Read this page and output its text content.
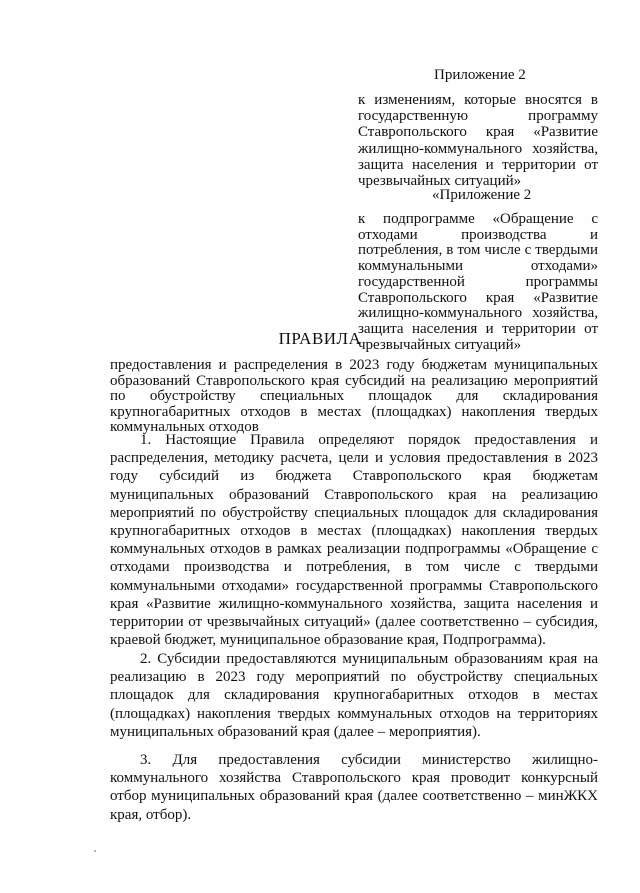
Приложение 2

к изменениям, которые вносятся в государственную программу Ставропольского края «Развитие жилищно-коммунального хозяйства, защита населения и территории от чрезвычайных ситуаций»

«Приложение 2

к подпрограмме «Обращение с отходами производства и потребления, в том числе с твердыми коммунальными отходами» государственной программы Ставропольского края «Развитие жилищно-коммунального хозяйства, защита населения и территории от чрезвычайных ситуаций»

ПРАВИЛА

предоставления и распределения в 2023 году бюджетам муниципальных образований Ставропольского края субсидий на реализацию мероприятий по обустройству специальных площадок для складирования крупногабаритных отходов в местах (площадках) накопления твердых коммунальных отходов

1. Настоящие Правила определяют порядок предоставления и распределения, методику расчета, цели и условия предоставления в 2023 году субсидий из бюджета Ставропольского края бюджетам муниципальных образований Ставропольского края на реализацию мероприятий по обустройству специальных площадок для складирования крупногабаритных отходов в местах (площадках) накопления твердых коммунальных отходов в рамках реализации подпрограммы «Обращение с отходами производства и потребления, в том числе с твердыми коммунальными отходами» государственной программы Ставропольского края «Развитие жилищно-коммунального хозяйства, защита населения и территории от чрезвычайных ситуаций» (далее соответственно – субсидия, краевой бюджет, муниципальное образование края, Подпрограмма).

2. Субсидии предоставляются муниципальным образованиям края на реализацию в 2023 году мероприятий по обустройству специальных площадок для складирования крупногабаритных отходов в местах (площадках) накопления твердых коммунальных отходов на территориях муниципальных образований края (далее – мероприятия).

3. Для предоставления субсидии министерство жилищно-коммунального хозяйства Ставропольского края проводит конкурсный отбор муниципальных образований края (далее соответственно – минЖКХ края, отбор).
